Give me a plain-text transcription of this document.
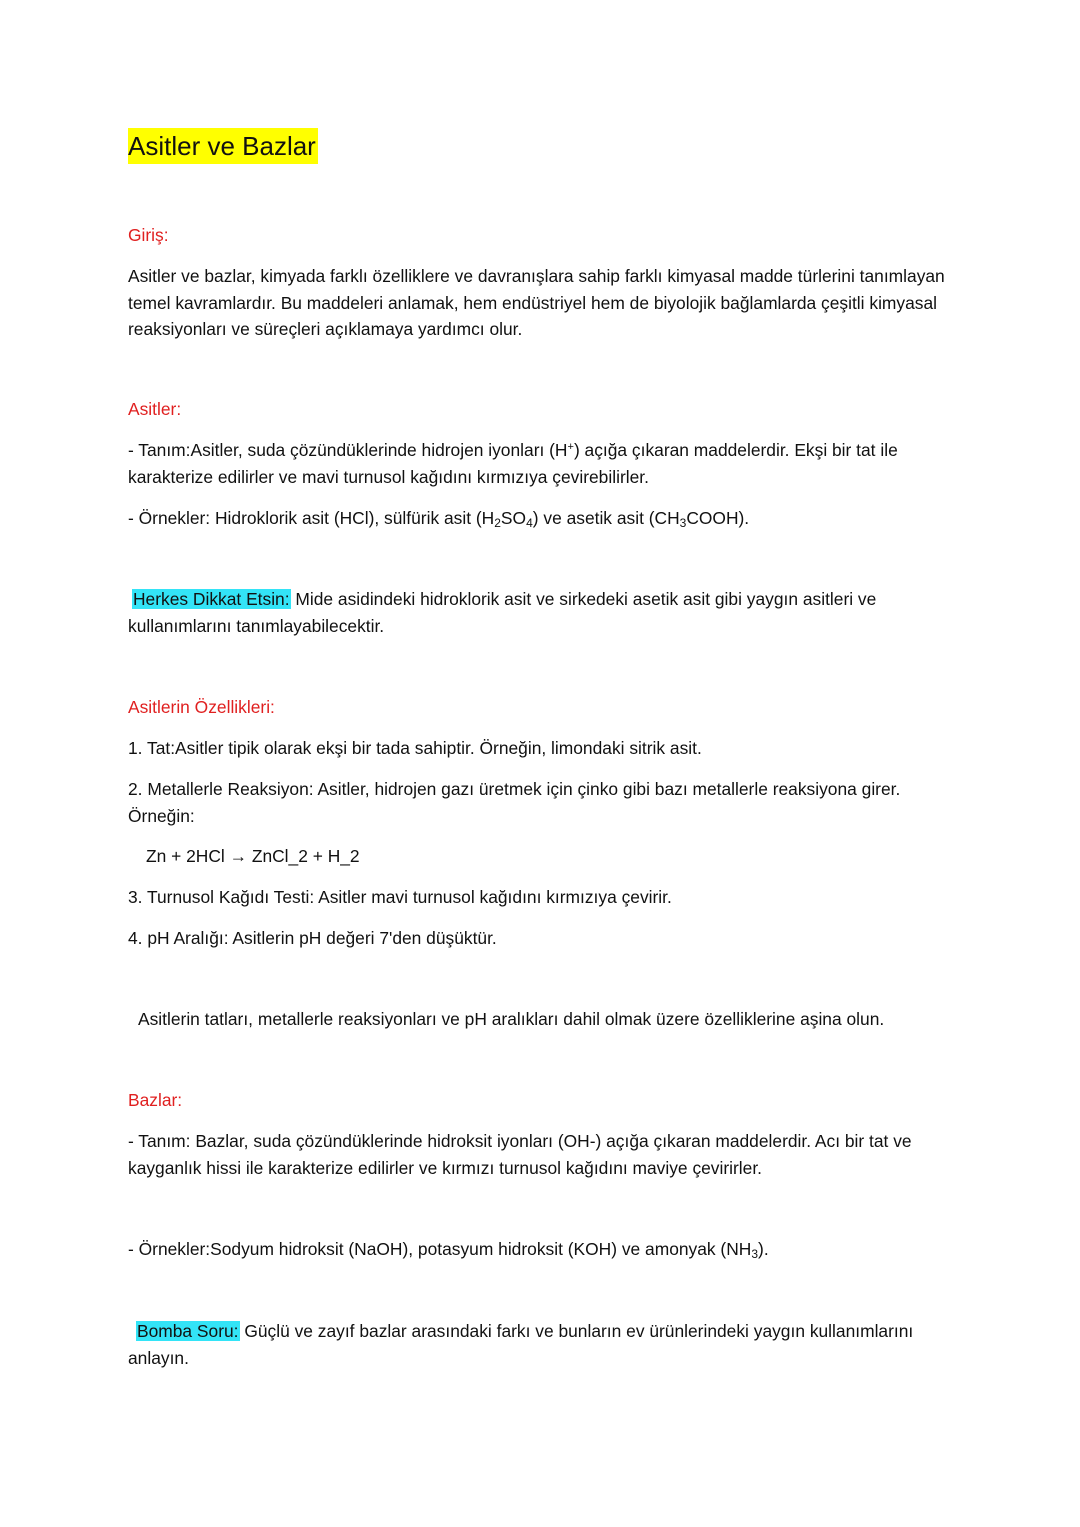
Asitler ve Bazlar

Giriş:

Asitler ve bazlar, kimyada farklı özelliklere ve davranışlara sahip farklı kimyasal madde türlerini tanımlayan temel kavramlardır. Bu maddeleri anlamak, hem endüstriyel hem de biyolojik bağlamlarda çeşitli kimyasal reaksiyonları ve süreçleri açıklamaya yardımcı olur.

Asitler:

- Tanım:Asitler, suda çözündüklerinde hidrojen iyonları (H+) açığa çıkaran maddelerdir. Ekşi bir tat ile karakterize edilirler ve mavi turnusol kağıdını kırmızıya çevirebilirler.

- Örnekler: Hidroklorik asit (HCl), sülfürik asit $(H_2SO_4)$ ve asetik asit $(CH_3COOH)$.

Herkes Dikkat Etsin: Mide asidindeki hidroklorik asit ve sirkedeki asetik asit gibi yaygın asitleri ve kullanımlarını tanımlayabilecektir.

Asitlerin Özellikleri:

1. Tat:Asitler tipik olarak ekşi bir tada sahiptir. Örneğin, limondaki sitrik asit.

2. Metallerle Reaksiyon: Asitler, hidrojen gazı üretmek için çinko gibi bazı metallerle reaksiyona girer. Örneğin:

Zn + 2HCl → ZnCl_2 + H_2

3. Turnusol Kağıdı Testi: Asitler mavi turnusol kağıdını kırmızıya çevirir.

4. pH Aralığı: Asitlerin pH değeri 7'den düşüktür.

Asitlerin tatları, metallerle reaksiyonları ve pH aralıkları dahil olmak üzere özelliklerine aşina olun.

Bazlar:

- Tanım: Bazlar, suda çözündüklerinde hidroksit iyonları (OH-) açığa çıkaran maddelerdir. Acı bir tat ve kayganlık hissi ile karakterize edilirler ve kırmızı turnusol kağıdını maviye çevirirler.

- Örnekler:Sodyum hidroksit (NaOH), potasyum hidroksit (KOH) ve amonyak $(NH_3)$.

Bomba Soru: Güçlü ve zayıf bazlar arasındaki farkı ve bunların ev ürünlerindeki yaygın kullanımlarını anlayın.
